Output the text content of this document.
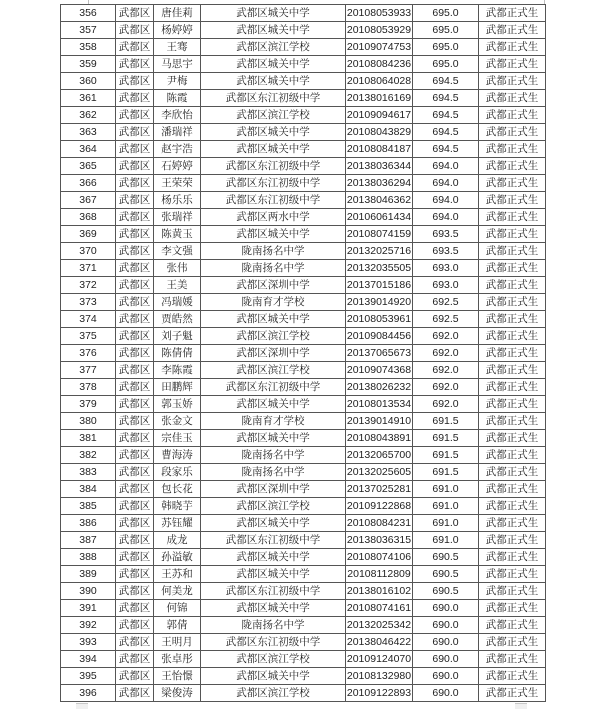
356	武都区	唐佳莉	武都区城关中学	20108053933	695.0	武都正式生
357	武都区	杨婷婷	武都区城关中学	20108053929	695.0	武都正式生
358	武都区	王骞	武都区滨江学校	20109074753	695.0	武都正式生
359	武都区	马思宇	武都区城关中学	20108084236	695.0	武都正式生
360	武都区	尹梅	武都区城关中学	20108064028	694.5	武都正式生
361	武都区	陈霞	武都区东江初级中学	20138016169	694.5	武都正式生
362	武都区	李欣怡	武都区滨江学校	20109094617	694.5	武都正式生
363	武都区	潘瑞祥	武都区城关中学	20108043829	694.5	武都正式生
364	武都区	赵宇浩	武都区城关中学	20108084187	694.5	武都正式生
365	武都区	石婷婷	武都区东江初级中学	20138036344	694.0	武都正式生
366	武都区	王荣荣	武都区东江初级中学	20138036294	694.0	武都正式生
367	武都区	杨乐乐	武都区东江初级中学	20138046362	694.0	武都正式生
368	武都区	张瑞祥	武都区两水中学	20106061434	694.0	武都正式生
369	武都区	陈黄玉	武都区城关中学	20108074159	693.5	武都正式生
370	武都区	李文强	陇南扬名中学	20132025716	693.5	武都正式生
371	武都区	张伟	陇南扬名中学	20132035505	693.0	武都正式生
372	武都区	王美	武都区深圳中学	20137015186	693.0	武都正式生
373	武都区	冯瑞媛	陇南育才学校	20139014920	692.5	武都正式生
374	武都区	贾皓然	武都区城关中学	20108053961	692.5	武都正式生
375	武都区	刘子魁	武都区滨江学校	20109084456	692.0	武都正式生
376	武都区	陈倩倩	武都区深圳中学	20137065673	692.0	武都正式生
377	武都区	李陈霞	武都区滨江学校	20109074368	692.0	武都正式生
378	武都区	田鹏辉	武都区东江初级中学	20138026232	692.0	武都正式生
379	武都区	郭玉娇	武都区城关中学	20108013534	692.0	武都正式生
380	武都区	张金文	陇南育才学校	20139014910	691.5	武都正式生
381	武都区	宗佳玉	武都区城关中学	20108043891	691.5	武都正式生
382	武都区	曹海涛	陇南扬名中学	20132065700	691.5	武都正式生
383	武都区	段家乐	陇南扬名中学	20132025605	691.5	武都正式生
384	武都区	包长花	武都区深圳中学	20137025281	691.0	武都正式生
385	武都区	韩晓芋	武都区滨江学校	20109122868	691.0	武都正式生
386	武都区	苏钰耀	武都区城关中学	20108084231	691.0	武都正式生
387	武都区	成龙	武都区东江初级中学	20138036315	691.0	武都正式生
388	武都区	孙溢敏	武都区城关中学	20108074106	690.5	武都正式生
389	武都区	王苏和	武都区城关中学	20108112809	690.5	武都正式生
390	武都区	何美龙	武都区东江初级中学	20138016102	690.5	武都正式生
391	武都区	何锦	武都区城关中学	20108074161	690.0	武都正式生
392	武都区	郭倩	陇南扬名中学	20132025342	690.0	武都正式生
393	武都区	王明月	武都区东江初级中学	20138046422	690.0	武都正式生
394	武都区	张卓彤	武都区滨江学校	20109124070	690.0	武都正式生
395	武都区	王怡憬	武都区城关中学	20108132980	690.0	武都正式生
396	武都区	梁俊涛	武都区滨江学校	20109122893	690.0	武都正式生
